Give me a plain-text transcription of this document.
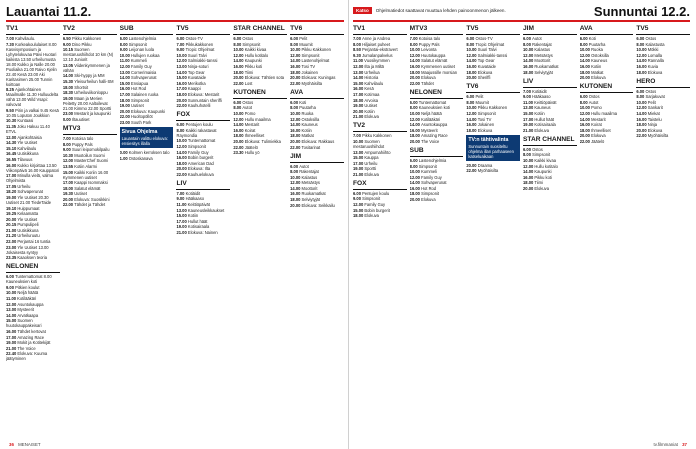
Lauantai 11.2.
TV1
7.00 Kahvilaulu.
7.30 Korkeakoululaiset 8.00 Kasvisymposium ja Lyhytelokuvaa Päivi Huotari kaikista 13.50 urheilumusta 18.00 Kukko ja Nalle 20.00 Puoliaika 21.00 Raivo Kjelin 22.40 Kesä 23.00 Aki Karitasimen 25.00 Tunnin koittoan
8.25 Ajankohtainen Maailmalle 11.30 Hulluudelta vähä 13.00 Wild Vsapi: valvovat
9.50 Pirin ja valkai 9.45 Kesä 10.05 Loputon Joukkion
10.30 Kuntaasi
11.35 Joku Hakuu 11.40 ETVL
12.00 Ajankohtaisia
14.30 Yle Uutiset
15.10 Kahvilaulu
16.45 Uutisikkuna
16.55 Tilavuus
16.00 Kukko kirjoittaa 13.50 Viikonpäivä 16.00 Kauppatori
17.00 Minulla vielä, valma Ohjelmista
17.05 Urheilu
18.20 Sohvaperunat
19.00 Yle Uutiset 20.30 Uutiset 21.00 TiedeTaide
19.10 Huippumaat
19.25 Kelaamatta
20.00 Yle Uutiset
20.15 Pumpulipeli
21.00 Uutisikkuna
21.20 Urheiluruutu
22.00 Perjantai 16 tuntia
23.00 Yle Uutiset 13.00 Jokaisesta syntyy
23.35 Kaaoksen teoria
NELONEN
6.00 Tuntemattomat 8.00 Kauneuksien koti
9.00 Pitkien koulut
10.00 Neljä häätä
11.00 Kotilääkäri
12.00 Asuntokauppa
13.00 Mysteerit
14.00 Arvatkaapa
15.00 Suomen huutokauppakeisari
16.00 Tähdet kertovat
17.00 Amazing Race
19.00 Mokit ja Kotitekijät
21.00 The Voice
22.40 Elokuva: Kuuma jäätyminen
TV2
6.50 Pikku Kakkonen
9.00 Dino Pikku
10.15 Suomen mestaruushiihdot 10 km (N) 12.10 Juniorit
13.05 Viidenkymmenen ja vähän
14.00 Ski-hyppy ja MM
15.30 Yleisurheilun halli-SM
18.00 Shortsit
18.30 Urheiluviikonloppu
19.00 Maan ja Merien Peitetty 20.00 Aaltoilevat 21.00 Kimmo 22.00 Sportti
23.00 Mestarit ja kaupunki
0.00 Iltauutiset
MTV3
7.00 Kotoisa talo
8.00 Puppy Pals
9.00 Suuri leipomokilpailu
10.30 Muotoilun Suomi
12.00 MasterChef Suomi
13.55 Kotiin Alarmi
15.00 Kaikki Koriin 16.00 Kymmenen uutiset
17.00 Kaappi Isommaksi
18.00 Salatut elämät
19.30 Uutiset
20.00 Elokuva: Suosikkini
22.00 Tähdet ja Tähdet
SUB
6.00 Lastenohjelmia
8.00 Simpsonit
9.00 Leijonan luola
10.00 Hullujen ruokaa
11.00 Kummeli
12.00 Family Guy
13.00 Cornerimaisia
14.00 Sohvaperunat
15.00 Ensiapua
16.00 Hot Rod
17.00 Salainen ruoka
18.00 Simpsonit
19.00 Uutiset
20.00 Elokuva: Kaupunki
22.00 Huoltopöllöt
23.00 South Park
Sivua Ohjelma
Lauantain valittu elokuva: ensiesitys illalla
0.00 Kolmen kerroksen talo
1.00 Ostoskanava
TV5
6.00 Ostos-TV
7.00 Pikkukakkonen
9.00 Tropic Ohjelmat
10.00 Suuri Talvi
12.00 Salmiakki-tanssi
13.00 Ninja-soturi
14.00 Top Gear
15.00 Kuvataide
16.00 Merikotka
17.00 Kaappi
18.00 Elokuva: Mestarit
20.00 Sunnuntain sheriffi
22.00 Kauhuhotelli
FOX
6.00 Pentujen koulu
8.00 Kaikki rakastavat Raymondia
10.00 Tuntemattomat
12.00 Simpsonit
14.00 Family Guy
16.00 Bobin burgerit
18.00 American Dad
20.00 Elokuva: Ilta
22.00 Kauhuelokuva
LIV
7.00 Kotiäidit
9.00 Hääkaaso
11.00 Keittiöpäivät
13.00 Kauneusleikkaukset
15.00 Kotiin
17.00 Hullut häät
19.00 Kotisairaala
21.00 Elokuva: Nainen
STAR CHANNEL
6.00 Ostos
8.00 Simpsonit
10.00 Kaikki kivaa
12.00 Hullu kotitalo
14.00 Kaupunki
16.00 Pikku koti
18.00 Tiimi
20.00 Elokuva: Tähtien sota
22.00 Lost
KUTONEN
6.00 Ostos
8.00 Autot
10.00 Pomo
12.00 Hullu maailma
14.00 Mestarit
16.00 Koirat
18.00 Ihmeelliset
20.00 Elokuva: Tulimiekka
22.00 Jäätelö
23.30 Hullu yö
TV6
6.00 Pelit
8.00 Muumit
10.00 Pikku Kakkonen
12.00 Simpsonit
14.00 Lastenohjelmat
16.00 Tosi TV
18.00 Jokainen
20.00 Elokuva: Kuningas
22.00 Myöhäisilta
AVA
6.00 Koti
8.00 Puutarha
10.00 Ruoka
12.00 Ostoksilla
14.00 Kauneus
16.00 Kotiin
18.00 Matkat
20.00 Elokuva: Rakkaus
22.00 Tositarinat
JIM
6.00 Autot
8.00 Rakentajat
10.00 Kalastus
12.00 Metsästys
14.00 Moottorit
16.00 Ruokamatkat
18.00 Selviytyjät
20.00 Elokuva: Seikkailu
36 MENAISET
Katso	Ohjelmatiedot saattavat muuttua lehden painoonmenon jälkeen.	Sunnuntai 12.2.
TV1
7.00 Anne ja Andrea
8.00 Hiljaiset puheet
8.50 Perjantai-ekstravert
9.30 Jumalanpalvelus
11.00 Vuosikymmen
12.00 Ilta ja Miltä
13.00 Urheilua
14.00 Historia
15.00 Kahvilaulu
16.00 Kesä
17.00 Kotimaa
18.00 Arvoisa
19.00 Uutiset
20.00 Kotiin
21.00 Elokuva
TV2
7.00 Pikku Kakkonen
10.00 Suomen mestaruushiihdot
13.00 Ampumahiihto
15.00 Kauppa
17.00 Urheilu
19.00 Sportti
21.00 Elokuva
FOX
6.00 Pentujen koulu
9.00 Simpsonit
12.00 Family Guy
15.00 Bobin burgerit
18.00 Elokuva
MTV3
7.00 Kotoisa talo
8.00 Puppy Pals
10.00 Leivonta
12.00 Huutokauppa
14.00 Salatut elämät
16.00 Kymmenen uutiset
18.00 Maajussille morsian
20.00 Elokuva
22.00 Tähdet
NELONEN
6.00 Tuntemattomat
8.00 Kauneuksien koti
10.00 Neljä häätä
12.00 Kotilääkäri
14.00 Asuntokauppa
16.00 Mysteerit
18.00 Amazing Race
20.00 The Voice
SUB
6.00 Lastenohjelmia
8.00 Simpsonit
10.00 Kummeli
12.00 Family Guy
14.00 Sohvaperunat
16.00 Hot Rod
18.00 Simpsonit
20.00 Elokuva
TV5
6.00 Ostos-TV
8.00 Tropic Ohjelmat
10.00 Suuri Talvi
12.00 Salmiakki-tanssi
14.00 Top Gear
16.00 Kuvataide
18.00 Elokuva
20.00 Sheriffi
TV6
6.00 Pelit
8.00 Muumit
10.00 Pikku Kakkonen
12.00 Simpsonit
14.00 Tosi TV
16.00 Jokainen
18.00 Elokuva
TV:n tähtivalinta
Sunnuntain suositeltu ohjelma illan parhaaseen katseluaikaan
20.00 Draama
22.00 Myöhäisilta
JIM
6.00 Autot
8.00 Rakentajat
10.00 Kalastus
12.00 Metsästys
14.00 Moottorit
16.00 Ruokamatkat
18.00 Selviytyjät
LIV
7.00 Kotiäidit
9.00 Hääkaaso
11.00 Keittiöpäivät
13.00 Kauneus
15.00 Kotiin
17.00 Hullut häät
19.00 Kotisairaala
21.00 Elokuva
STAR CHANNEL
6.00 Ostos
8.00 Simpsonit
10.00 Kaikki kivaa
12.00 Hullu kotitalo
14.00 Kaupunki
16.00 Pikku koti
18.00 Tiimi
20.00 Elokuva
AVA
6.00 Koti
8.00 Puutarha
10.00 Ruoka
12.00 Ostoksilla
14.00 Kauneus
16.00 Kotiin
18.00 Matkat
20.00 Elokuva
KUTONEN
6.00 Ostos
8.00 Autot
10.00 Pomo
12.00 Hullu maailma
14.00 Mestarit
16.00 Koirat
18.00 Ihmeelliset
20.00 Elokuva
22.00 Jäätelö
TV5
6.00 Ostos
8.00 Kalastusta
10.00 Mökki
12.00 Lomalla
14.00 Rannalla
16.00 Kuvia
18.00 Elokuva
HERO
6.00 Ostos
8.00 Sarjakuvat
10.00 Pelit
12.00 Sankarit
14.00 Miekat
16.00 Taistelu
18.00 Ninja
20.00 Elokuva
22.00 Myöhäisilta
tv.filmmaniat 37
